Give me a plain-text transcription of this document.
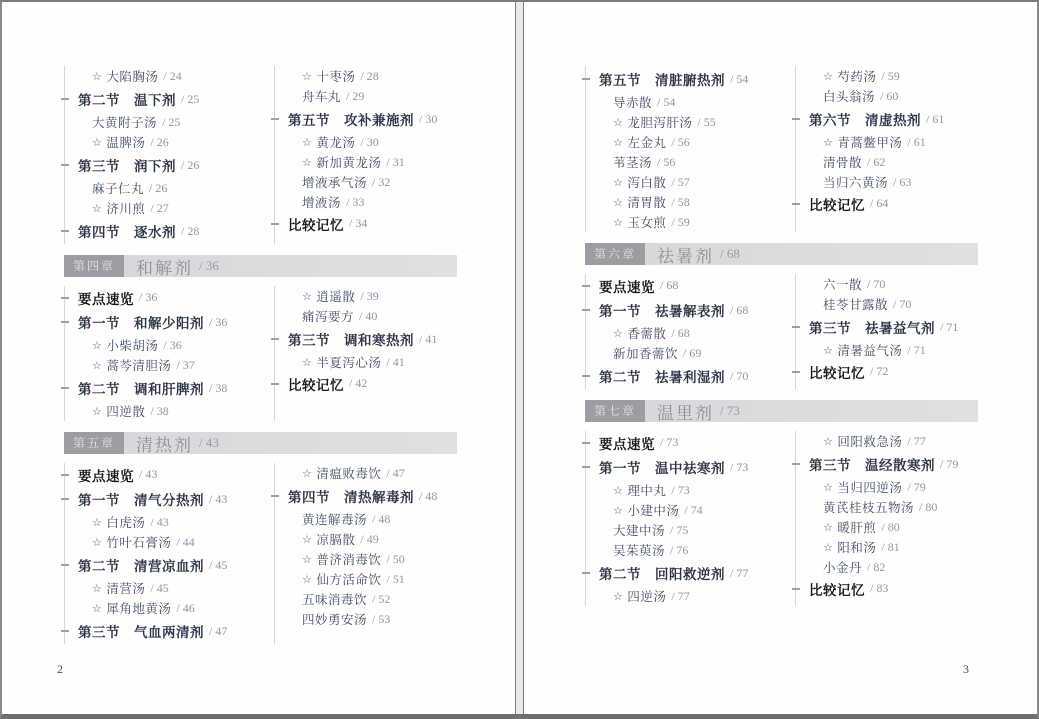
☆ 大陷胸汤 / 24
第二节 温下剂 / 25
大黄附子汤 / 25
☆ 温脾汤 / 26
第三节 润下剂 / 26
麻子仁丸 / 26
☆ 济川煎 / 27
第四节 逐水剂 / 28
☆ 十枣汤 / 28
舟车丸 / 29
第五节 攻补兼施剂 / 30
☆ 黄龙汤 / 30
☆ 新加黄龙汤 / 31
增液承气汤 / 32
增液汤 / 33
比较记忆 / 34
第四章	和解剂 / 36
要点速览 / 36
第一节 和解少阳剂 / 36
☆ 小柴胡汤 / 36
☆ 蒿芩清胆汤 / 37
第二节 调和肝脾剂 / 38
☆ 四逆散 / 38
☆ 逍遥散 / 39
痛泻要方 / 40
第三节 调和寒热剂 / 41
☆ 半夏泻心汤 / 41
比较记忆 / 42
第五章	清热剂 / 43
要点速览 / 43
第一节 清气分热剂 / 43
☆ 白虎汤 / 43
☆ 竹叶石膏汤 / 44
第二节 清营凉血剂 / 45
☆ 清营汤 / 45
☆ 犀角地黄汤 / 46
第三节 气血两清剂 / 47
☆ 清瘟败毒饮 / 47
第四节 清热解毒剂 / 48
黄连解毒汤 / 48
☆ 凉膈散 / 49
☆ 普济消毒饮 / 50
☆ 仙方活命饮 / 51
五味消毒饮 / 52
四妙勇安汤 / 53
2
第五节 清脏腑热剂 / 54
导赤散 / 54
☆ 龙胆泻肝汤 / 55
☆ 左金丸 / 56
苇茎汤 / 56
☆ 泻白散 / 57
☆ 清胃散 / 58
☆ 玉女煎 / 59
☆ 芍药汤 / 59
白头翁汤 / 60
第六节 清虚热剂 / 61
☆ 青蒿鳖甲汤 / 61
清骨散 / 62
当归六黄汤 / 63
比较记忆 / 64
第六章	祛暑剂 / 68
要点速览 / 68
第一节 祛暑解表剂 / 68
☆ 香薷散 / 68
新加香薷饮 / 69
第二节 祛暑利湿剂 / 70
六一散 / 70
桂苓甘露散 / 70
第三节 祛暑益气剂 / 71
☆ 清暑益气汤 / 71
比较记忆 / 72
第七章	温里剂 / 73
要点速览 / 73
第一节 温中祛寒剂 / 73
☆ 理中丸 / 73
☆ 小建中汤 / 74
大建中汤 / 75
吴茱萸汤 / 76
第二节 回阳救逆剂 / 77
☆ 四逆汤 / 77
☆ 回阳救急汤 / 77
第三节 温经散寒剂 / 79
☆ 当归四逆汤 / 79
黄芪桂枝五物汤 / 80
☆ 暖肝煎 / 80
☆ 阳和汤 / 81
小金丹 / 82
比较记忆 / 83
3
